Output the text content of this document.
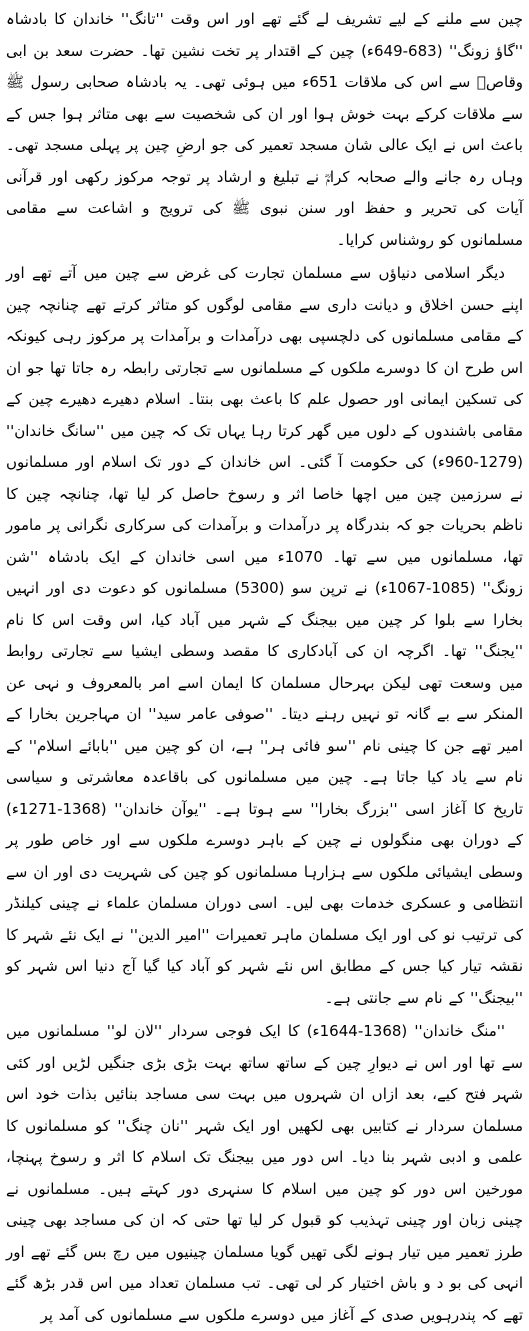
چین سے ملنے کے لیے تشریف لے گئے تھے اور اس وقت ''تانگ'' خاندان کا بادشاہ ''گاؤ زونگ'' (683-649ء) چین کے اقتدار پر تخت نشین تھا۔ حضرت سعد بن ابی وقاصؓ سے اس کی ملاقات 651ء میں ہوئی تھی۔ یہ بادشاہ صحابی رسول ﷺ سے ملاقات کرکے بہت خوش ہوا اور ان کی شخصیت سے بھی متاثر ہوا جس کے باعث اس نے ایک عالی شان مسجد تعمیر کی جو ارضِ چین پر پہلی مسجد تھی۔ وہاں رہ جانے والے صحابہ کرامؓ نے تبلیغ و ارشاد پر توجہ مرکوز رکھی اور قرآنی آیات کی تحریر و حفظ اور سنن نبوی ﷺ کی ترویج و اشاعت سے مقامی مسلمانوں کو روشناس کرایا۔

دیگر اسلامی دنیاؤں سے مسلمان تجارت کی غرض سے چین میں آتے تھے اور اپنے حسن اخلاق و دیانت داری سے مقامی لوگوں کو متاثر کرتے تھے چنانچہ چین کے مقامی مسلمانوں کی دلچسپی بھی درآمدات و برآمدات پر مرکوز رہی کیونکہ اس طرح ان کا دوسرے ملکوں کے مسلمانوں سے تجارتی رابطہ رہ جاتا تھا جو ان کی تسکین ایمانی اور حصول علم کا باعث بھی بنتا۔ اسلام دھیرے دھیرے چین کے مقامی باشندوں کے دلوں میں گھر کرتا رہا یہاں تک کہ چین میں ''سانگ خاندان'' (1279-960ء) کی حکومت آ گئی۔ اس خاندان کے دور تک اسلام اور مسلمانوں نے سرزمین چین میں اچھا خاصا اثر و رسوخ حاصل کر لیا تھا، چنانچہ چین کا ناظم بحریات جو کہ بندرگاہ پر درآمدات و برآمدات کی سرکاری نگرانی پر مامور تھا، مسلمانوں میں سے تھا۔ 1070ء میں اسی خاندان کے ایک بادشاہ ''شن زونگ'' (1085-1067ء) نے ترپن سو (5300) مسلمانوں کو دعوت دی اور انہیں بخارا سے بلوا کر چین میں بیجنگ کے شہر میں آباد کیا، اس وقت اس کا نام ''یجنگ'' تھا۔ اگرچہ ان کی آبادکاری کا مقصد وسطی ایشیا سے تجارتی روابط میں وسعت تھی لیکن بہرحال مسلمان کا ایمان اسے امر بالمعروف و نہی عن المنکر سے بے گانہ تو نہیں رہنے دیتا۔ ''صوفی عامر سید'' ان مہاجرین بخارا کے امیر تھے جن کا چینی نام ''سو فائی ہر'' ہے، ان کو چین میں ''بابائے اسلام'' کے نام سے یاد کیا جاتا ہے۔ چین میں مسلمانوں کی باقاعدہ معاشرتی و سیاسی تاریخ کا آغاز اسی ''بزرگ بخارا'' سے ہوتا ہے۔ ''یوآن خاندان'' (1368-1271ء) کے دوران بھی منگولوں نے چین کے باہر دوسرے ملکوں سے اور خاص طور پر وسطی ایشیائی ملکوں سے ہزارہا مسلمانوں کو چین کی شہریت دی اور ان سے انتظامی و عسکری خدمات بھی لیں۔ اسی دوران مسلمان علماء نے چینی کیلنڈر کی ترتیب نو کی اور ایک مسلمان ماہر تعمیرات ''امیر الدین'' نے ایک نئے شہر کا نقشہ تیار کیا جس کے مطابق اس نئے شہر کو آباد کیا گیا آج دنیا اس شہر کو ''بیجنگ'' کے نام سے جانتی ہے۔

''منگ خاندان'' (1368-1644ء) کا ایک فوجی سردار ''لان لو'' مسلمانوں میں سے تھا اور اس نے دیوارِ چین کے ساتھ ساتھ بہت بڑی بڑی جنگیں لڑیں اور کئی شہر فتح کیے، بعد ازاں ان شہروں میں بہت سی مساجد بنائیں بذات خود اس مسلمان سردار نے کتابیں بھی لکھیں اور ایک شہر ''نان چنگ'' کو مسلمانوں کا علمی و ادبی شہر بنا دیا۔ اس دور میں بیجنگ تک اسلام کا اثر و رسوخ پہنچا، مورخین اس دور کو چین میں اسلام کا سنہری دور کہتے ہیں۔ مسلمانوں نے چینی زبان اور چینی تہذیب کو قبول کر لیا تھا حتی کہ ان کی مساجد بھی چینی طرز تعمیر میں تیار ہونے لگی تھیں گویا مسلمان چینیوں میں رچ بس گئے تھے اور انہی کی بو د و باش اختیار کر لی تھی۔ تب مسلمان تعداد میں اس قدر بڑھ گئے تھے کہ پندرہویں صدی کے آغاز میں دوسرے ملکوں سے مسلمانوں کی آمد پر
